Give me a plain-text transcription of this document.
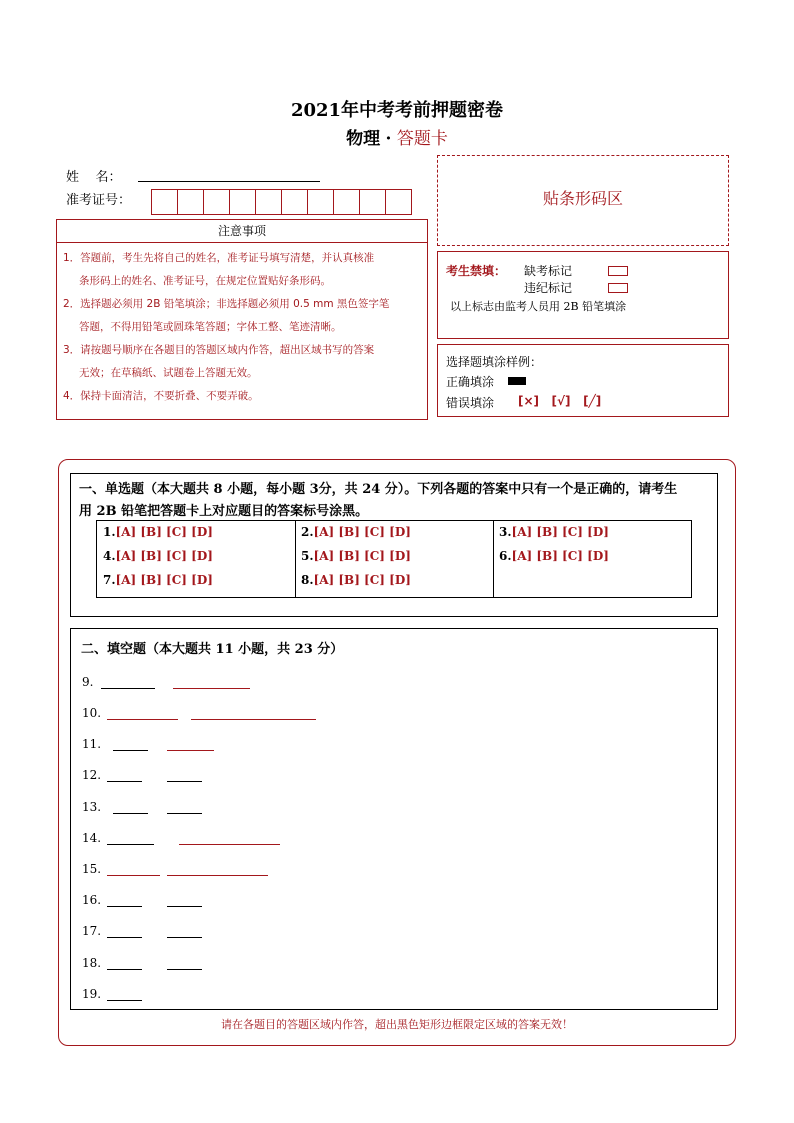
2021年中考考前押题密卷
物理 · 答题卡
姓    名：
准考证号：
注意事项

1．答题前，考生先将自己的姓名，准考证号填写清楚，并认真核准

条形码上的姓名、准考证号，在规定位置贴好条形码。

2．选择题必须用 2B 铅笔填涂；非选择题必须用 0.5 mm 黑色签字笔

答题，不得用铅笔或圆珠笔答题；字体工整、笔迹清晰。

3．请按题号顺序在各题目的答题区域内作答，超出区域书写的答案

无效；在草稿纸、试题卷上答题无效。

4．保持卡面清洁，不要折叠、不要弄破。

贴条形码区
考生禁填： 缺考标记
违纪标记
以上标志由监考人员用 2B 铅笔填涂
选择题填涂样例：
正确填涂
错误填涂 [×]   [√]   [╱]
一、单选题（本大题共 8 小题，每小题 3分，共 24 分）。下列各题的答案中只有一个是正确的，请考生
用 2B 铅笔把答题卡上对应题目的答案标号涂黑。
1.[A] [B] [C] [D]	2.[A] [B] [C] [D]	3.[A] [B] [C] [D]
4.[A] [B] [C] [D]	5.[A] [B] [C] [D]	6.[A] [B] [C] [D]
7.[A] [B] [C] [D]	8.[A] [B] [C] [D]
二、填空题（本大题共 11 小题，共 23 分）
9.
10.
11.
12.
13.
14.
15.
16.
17.
18.
19.
请在各题目的答题区域内作答，超出黑色矩形边框限定区域的答案无效！
